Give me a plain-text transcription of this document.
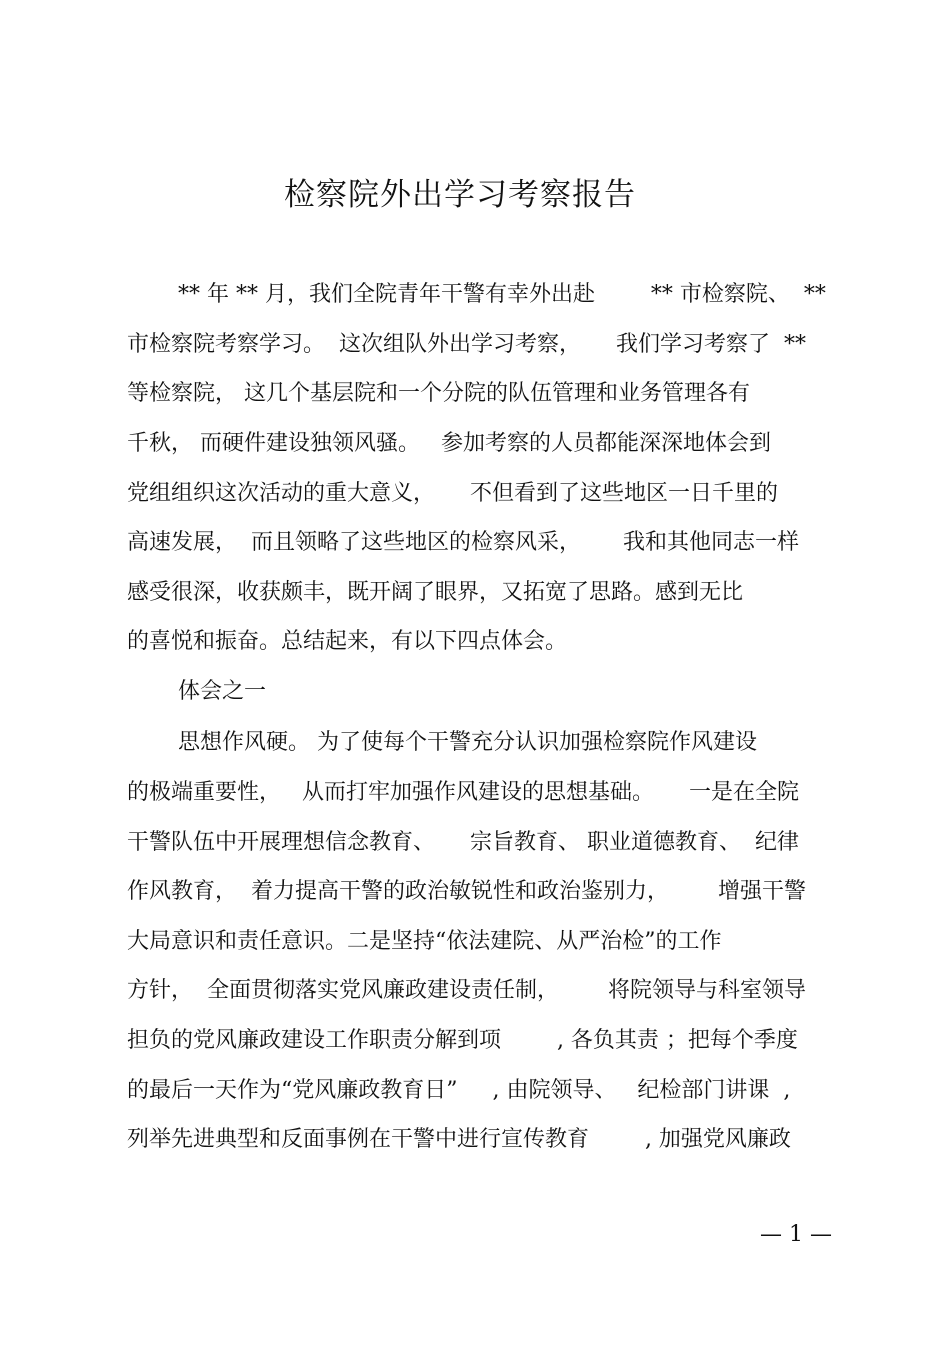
检察院外出学习考察报告
** 年 ** 月，我们全院青年干警有幸外出赴        ** 市检察院、  **
市检察院考察学习。  这次组队外出学习考察，     我们学习考察了  **
等检察院， 这几个基层院和一个分院的队伍管理和业务管理各有
千秋， 而硬件建设独领风骚。   参加考察的人员都能深深地体会到
党组组织这次活动的重大意义，     不但看到了这些地区一日千里的
高速发展，  而且领略了这些地区的检察风采，      我和其他同志一样
感受很深，收获颇丰，既开阔了眼界，又拓宽了思路。感到无比
的喜悦和振奋。总结起来，有以下四点体会。
体会之一
思想作风硬。 为了使每个干警充分认识加强检察院作风建设
的极端重要性，   从而打牢加强作风建设的思想基础。     一是在全院
干警队伍中开展理想信念教育、     宗旨教育、 职业道德教育、  纪律
作风教育，  着力提高干警的政治敏锐性和政治鉴别力，       增强干警
大局意识和责任意识。二是坚持“依法建院、从严治检”的工作
方针，  全面贯彻落实党风廉政建设责任制，       将院领导与科室领导
担负的党风廉政建设工作职责分解到项        , 各负其责 ；把每个季度
的最后一天作为“党风廉政教育日”     , 由院领导、   纪检部门讲课  ,
列举先进典型和反面事例在干警中进行宣传教育        , 加强党风廉政
— 1 —
